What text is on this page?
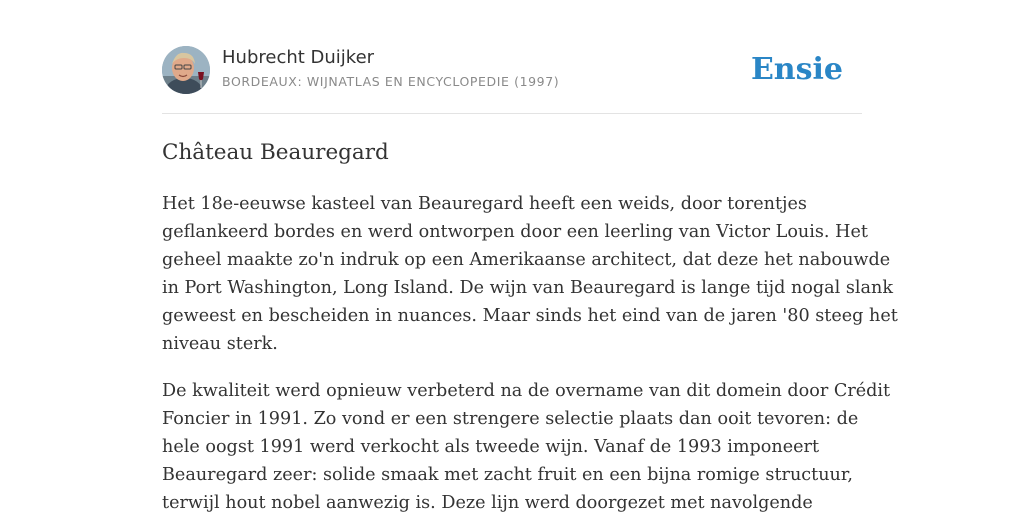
Hubrecht Duijker
BORDEAUX: WIJNATLAS EN ENCYCLOPEDIE (1997)	Ensie
Château Beauregard

Het 18e-eeuwse kasteel van Beauregard heeft een weids, door torentjes
geflankeerd bordes en werd ontworpen door een leerling van Victor Louis. Het
geheel maakte zo'n indruk op een Amerikaanse architect, dat deze het nabouwde
in Port Washington, Long Island. De wijn van Beauregard is lange tijd nogal slank
geweest en bescheiden in nuances. Maar sinds het eind van de jaren '80 steeg het
niveau sterk.

De kwaliteit werd opnieuw verbeterd na de overname van dit domein door Crédit
Foncier in 1991. Zo vond er een strengere selectie plaats dan ooit tevoren: de
hele oogst 1991 werd verkocht als tweede wijn. Vanaf de 1993 imponeert
Beauregard zeer: solide smaak met zacht fruit en een bijna romige structuur,
terwijl hout nobel aanwezig is. Deze lijn werd doorgezet met navolgende
